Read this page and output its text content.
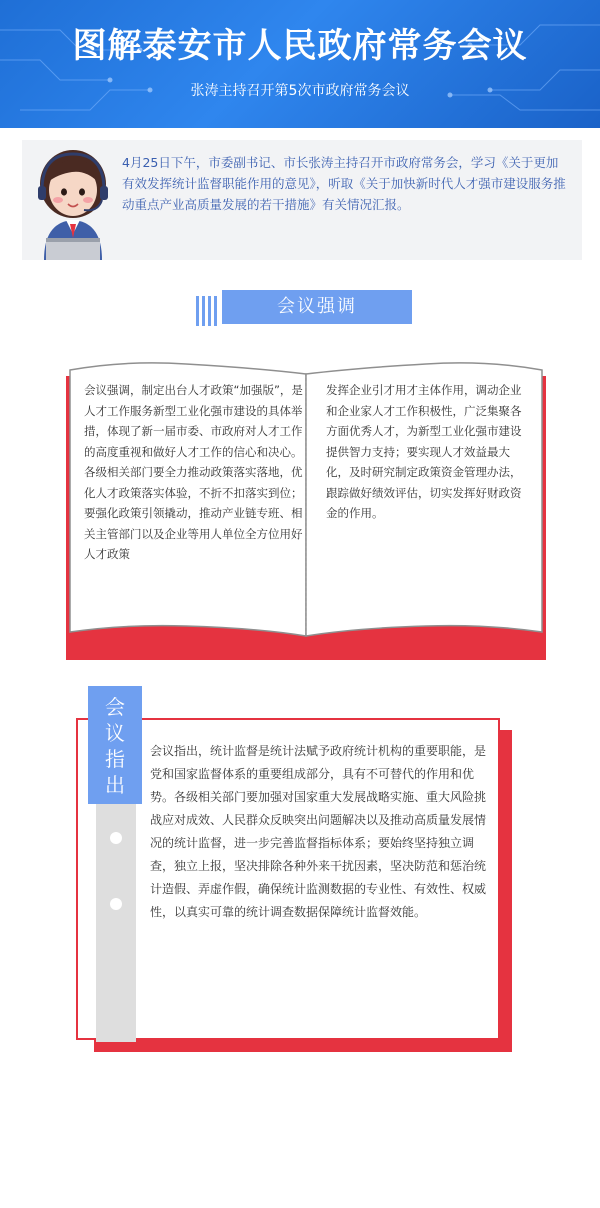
图解泰安市人民政府常务会议
张涛主持召开第5次市政府常务会议
4月25日下午，市委副书记、市长张涛主持召开市政府常务会，学习《关于更加有效发挥统计监督职能作用的意见》，听取《关于加快新时代人才强市建设服务推动重点产业高质量发展的若干措施》有关情况汇报。
会议强调
会议强调，制定出台人才政策“加强版”，是人才工作服务新型工业化强市建设的具体举措，体现了新一届市委、市政府对人才工作的高度重视和做好人才工作的信心和决心。各级相关部门要全力推动政策落实落地，优化人才政策落实体验，不折不扣落实到位；要强化政策引领撬动，推动产业链专班、相关主管部门以及企业等用人单位全方位用好人才政策
发挥企业引才用才主体作用，调动企业和企业家人才工作积极性，广泛集聚各方面优秀人才，为新型工业化强市建设提供智力支持；要实现人才效益最大化，及时研究制定政策资金管理办法，跟踪做好绩效评估，切实发挥好财政资金的作用。
会
议
指
出
会议指出，统计监督是统计法赋予政府统计机构的重要职能，是党和国家监督体系的重要组成部分，具有不可替代的作用和优势。各级相关部门要加强对国家重大发展战略实施、重大风险挑战应对成效、人民群众反映突出问题解决以及推动高质量发展情况的统计监督，进一步完善监督指标体系；要始终坚持独立调查，独立上报，坚决排除各种外来干扰因素，坚决防范和惩治统计造假、弄虚作假，确保统计监测数据的专业性、有效性、权威性，以真实可靠的统计调查数据保障统计监督效能。
